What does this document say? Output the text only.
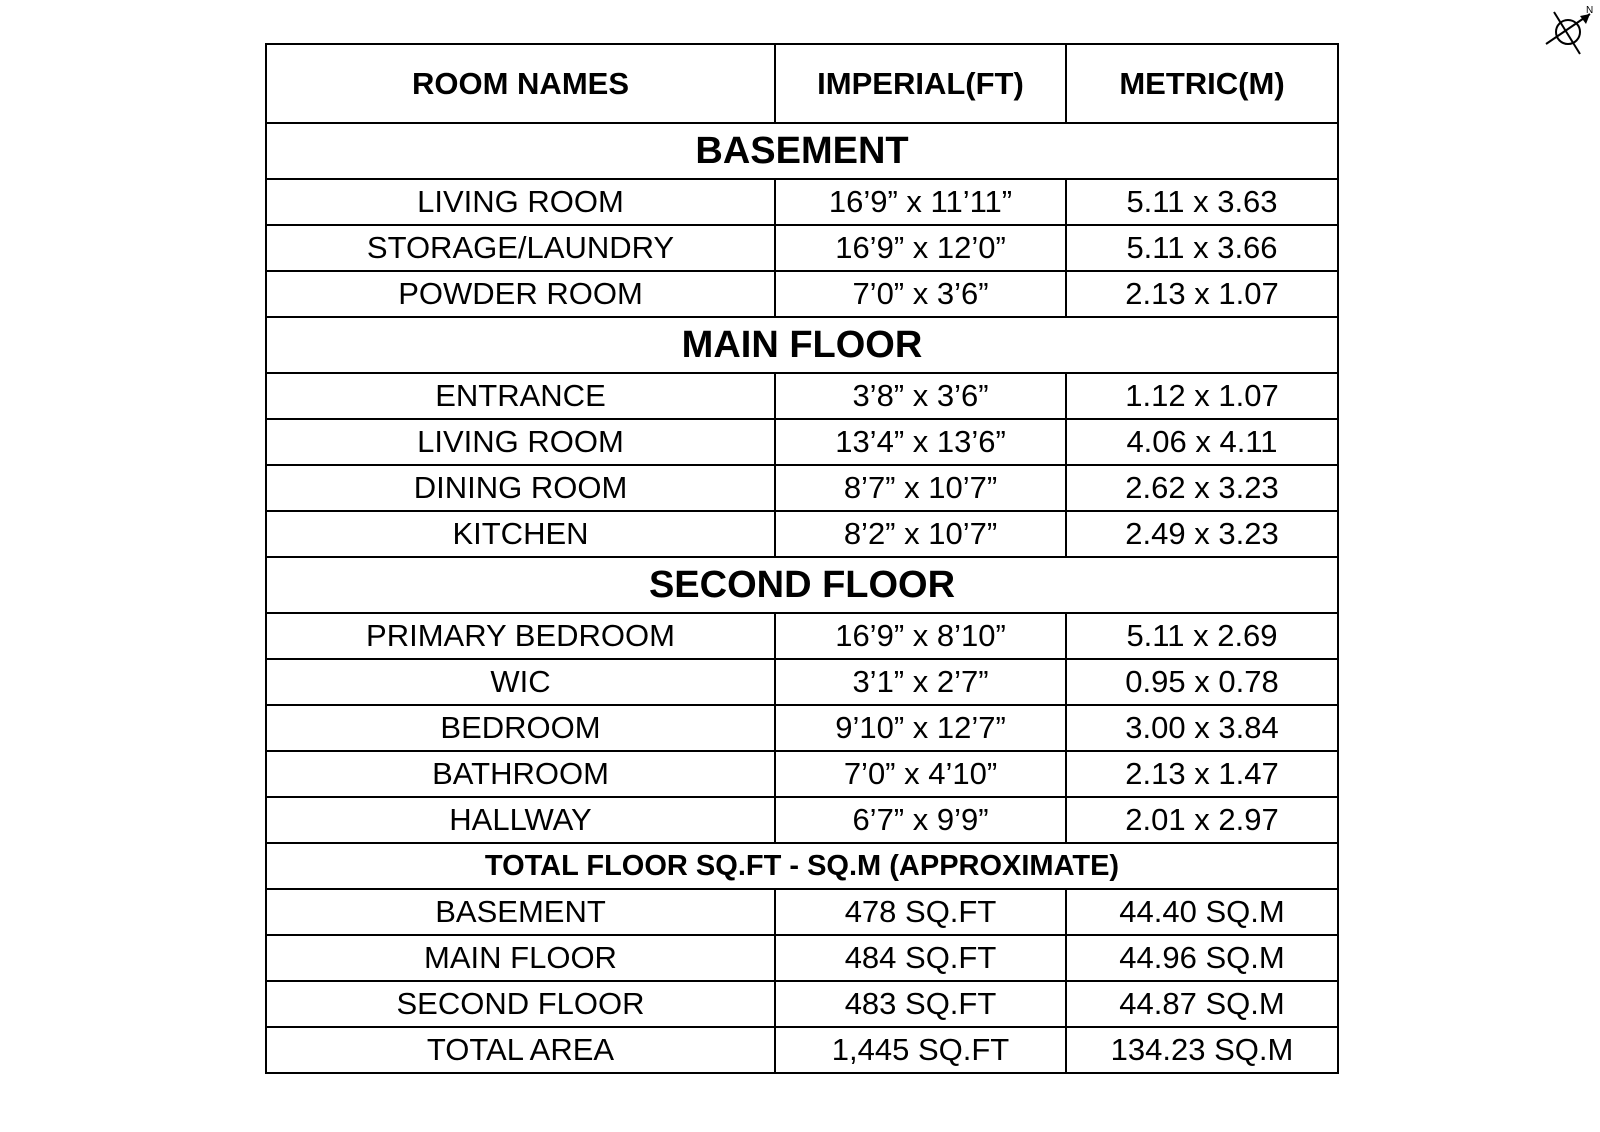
N
ROOM NAMES	IMPERIAL(FT)	METRIC(M)
BASEMENT		
LIVING ROOM	16’9” x 11’11”	5.11 x 3.63
STORAGE/LAUNDRY	16’9” x 12’0”	5.11 x 3.66
POWDER ROOM	7’0” x 3’6”	2.13 x 1.07
MAIN FLOOR		
ENTRANCE	3’8” x 3’6”	1.12 x 1.07
LIVING ROOM	13’4” x 13’6”	4.06 x 4.11
DINING ROOM	8’7” x 10’7”	2.62 x 3.23
KITCHEN	8’2” x 10’7”	2.49 x 3.23
SECOND FLOOR		
PRIMARY BEDROOM	16’9” x 8’10”	5.11 x 2.69
WIC	3’1” x 2’7”	0.95 x 0.78
BEDROOM	9’10” x 12’7”	3.00 x 3.84
BATHROOM	7’0” x 4’10”	2.13 x 1.47
HALLWAY	6’7” x 9’9”	2.01 x 2.97
TOTAL FLOOR SQ.FT - SQ.M (APPROXIMATE)		
BASEMENT	478 SQ.FT	44.40 SQ.M
MAIN FLOOR	484 SQ.FT	44.96 SQ.M
SECOND FLOOR	483 SQ.FT	44.87 SQ.M
TOTAL AREA	1,445 SQ.FT	134.23 SQ.M
